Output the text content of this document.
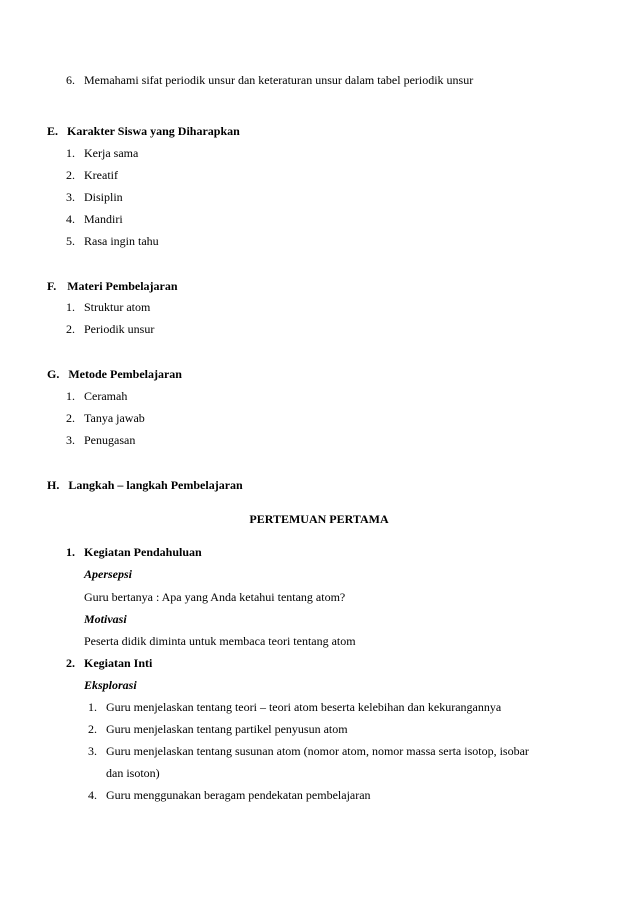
6. Memahami sifat periodik unsur dan keteraturan unsur dalam tabel periodik unsur
E. Karakter Siswa yang Diharapkan
1. Kerja sama
2. Kreatif
3. Disiplin
4. Mandiri
5. Rasa ingin tahu
F. Materi Pembelajaran
1. Struktur atom
2. Periodik unsur
G. Metode Pembelajaran
1. Ceramah
2. Tanya jawab
3. Penugasan
H. Langkah – langkah Pembelajaran
PERTEMUAN PERTAMA
1. Kegiatan Pendahuluan
Apersepsi
Guru bertanya : Apa yang Anda ketahui tentang atom?
Motivasi
Peserta didik diminta untuk membaca teori tentang atom
2. Kegiatan Inti
Eksplorasi
1. Guru menjelaskan tentang teori – teori atom beserta kelebihan dan kekurangannya
2. Guru menjelaskan tentang partikel penyusun atom
3. Guru menjelaskan tentang susunan atom (nomor atom, nomor massa serta isotop, isobar
dan isoton)
4. Guru menggunakan beragam pendekatan pembelajaran
